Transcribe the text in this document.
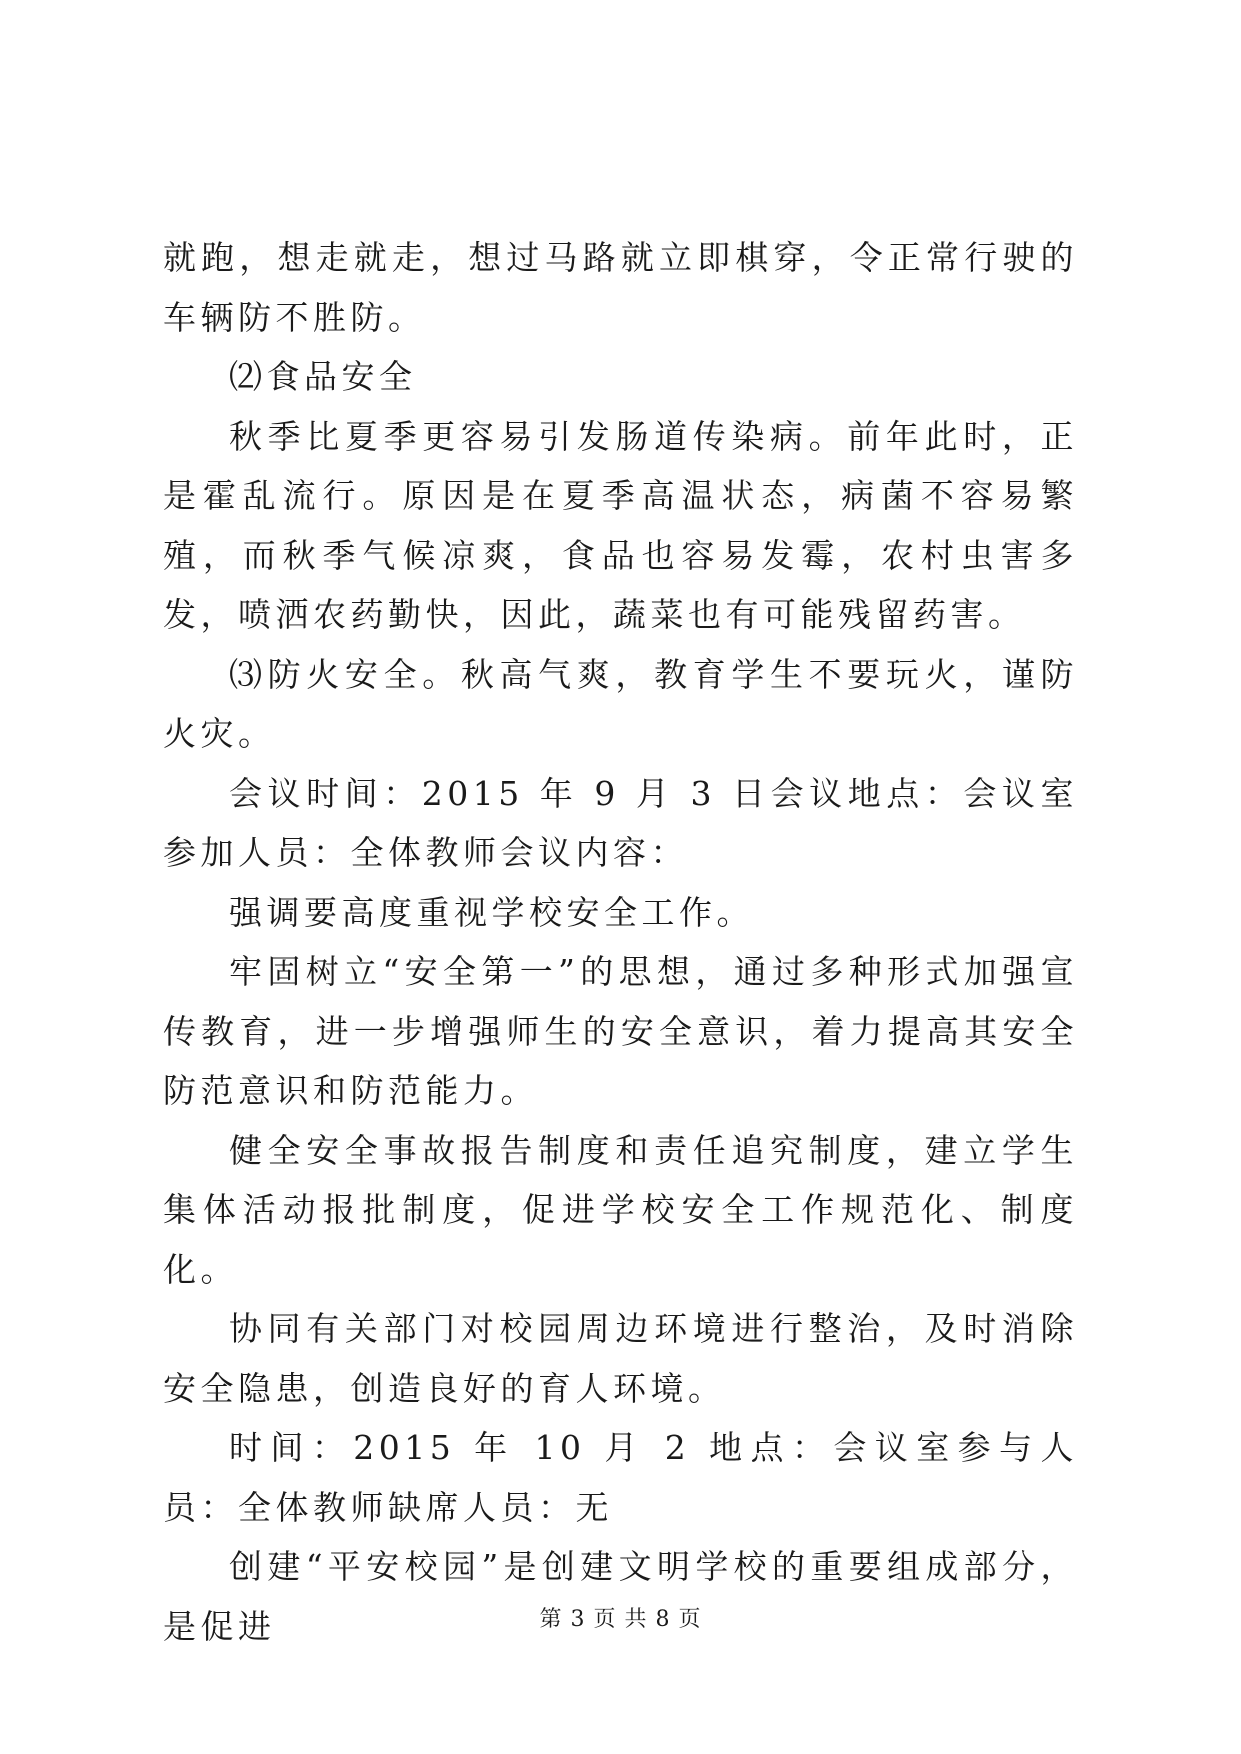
就跑，想走就走，想过马路就立即棋穿，令正常行驶的车辆防不胜防。

⑵食品安全

秋季比夏季更容易引发肠道传染病。前年此时，正是霍乱流行。原因是在夏季高温状态，病菌不容易繁殖，而秋季气候凉爽，食品也容易发霉，农村虫害多发，喷洒农药勤快，因此，蔬菜也有可能残留药害。

⑶防火安全。秋高气爽，教育学生不要玩火，谨防火灾。

会议时间：2015 年 9 月 3 日会议地点：会议室参加人员：全体教师会议内容：

强调要高度重视学校安全工作。

牢固树立“安全第一”的思想，通过多种形式加强宣传教育，进一步增强师生的安全意识，着力提高其安全防范意识和防范能力。

健全安全事故报告制度和责任追究制度，建立学生集体活动报批制度，促进学校安全工作规范化、制度化。

协同有关部门对校园周边环境进行整治，及时消除安全隐患，创造良好的育人环境。

时间：2015 年 10 月 2 地点：会议室参与人员：全体教师缺席人员：无

创建“平安校园”是创建文明学校的重要组成部分，是促进	第 3 页 共 8 页
